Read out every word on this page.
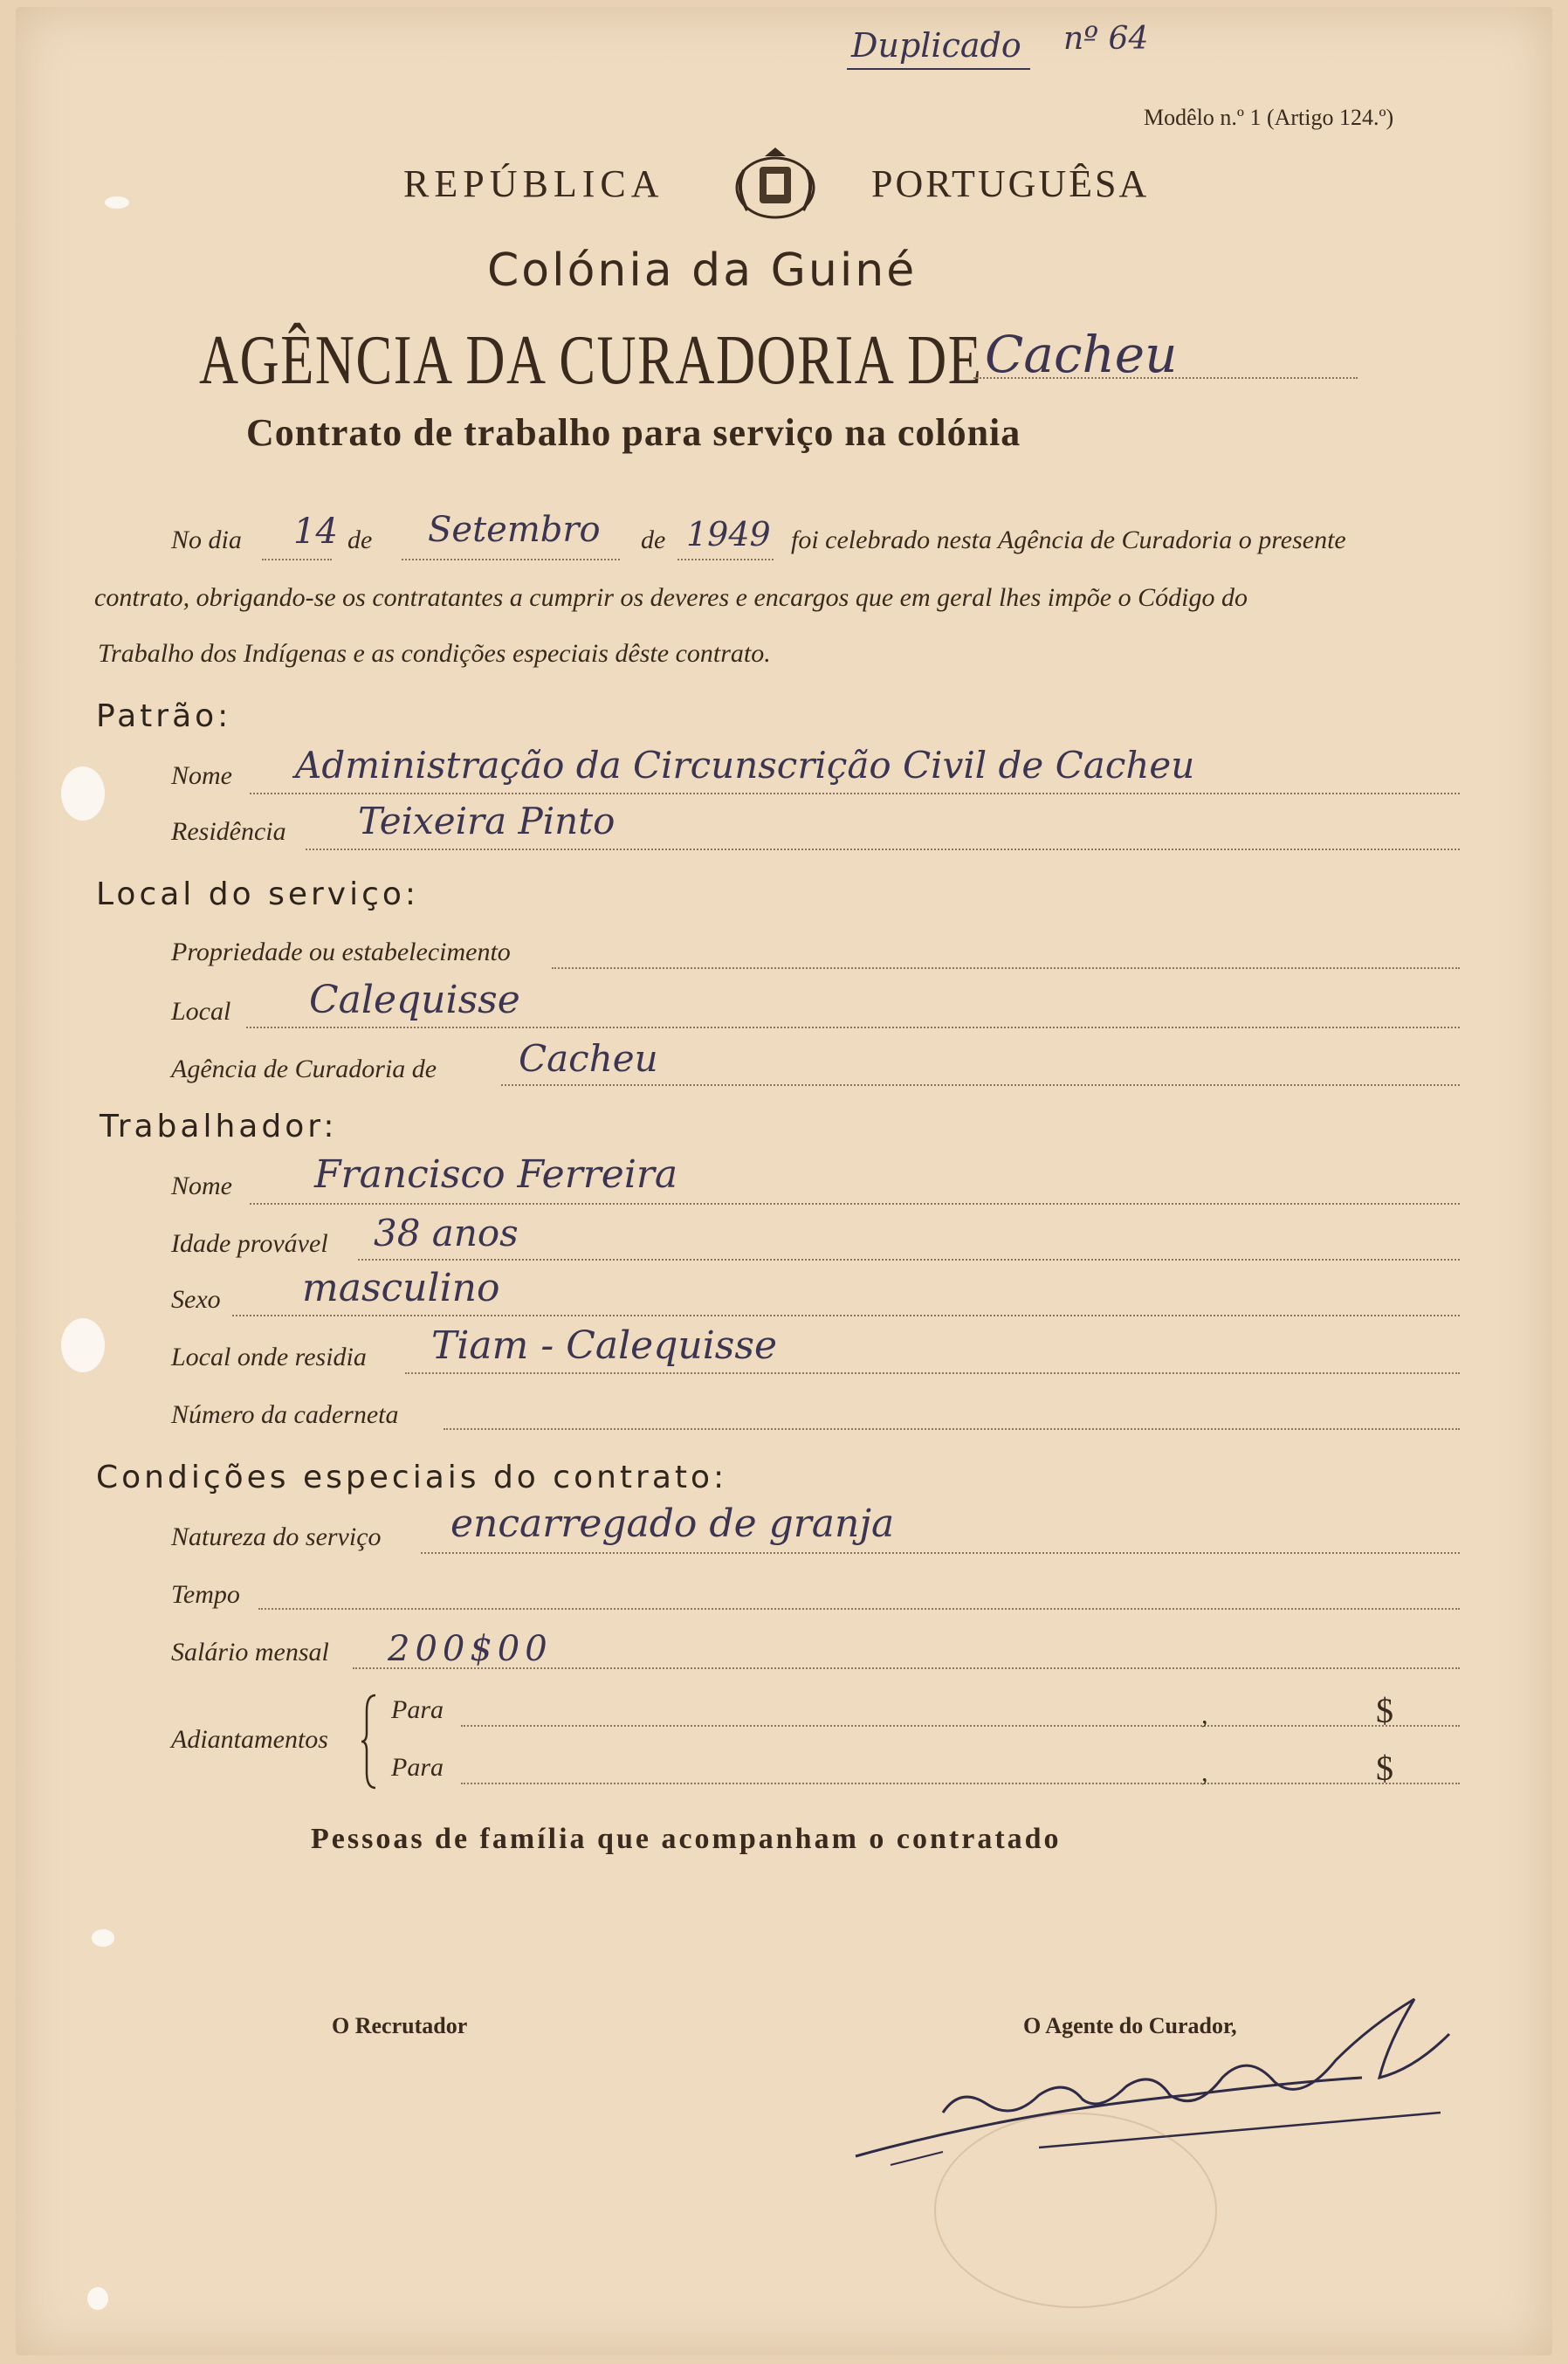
Duplicado nº 64
Modêlo n.º 1 (Artigo 124.º)
REPÚBLICA	PORTUGUÊSA
Colónia da Guiné
AGÊNCIA DA CURADORIA DE Cacheu
Contrato de trabalho para serviço na colónia
No dia 14 de Setembro de 1949 foi celebrado nesta Agência de Curadoria o presente
contrato, obrigando-se os contratantes a cumprir os deveres e encargos que em geral lhes impõe o Código do
Trabalho dos Indígenas e as condições especiais dêste contrato.
Patrão:
Nome Administração da Circunscrição Civil de Cacheu
Residência Teixeira Pinto
Local do serviço:
Propriedade ou estabelecimento
Local Calequisse
Agência de Curadoria de Cacheu
Trabalhador:
Nome Francisco Ferreira
Idade provável 38 anos
Sexo masculino
Local onde residia Tiam - Calequisse
Número da caderneta
Condições especiais do contrato:
Natureza do serviço encarregado de granja
Tempo
Salário mensal 200$00
Adiantamentos
Para	,	$
Para	,	$
Pessoas de família que acompanham o contratado
O Recrutador	O Agente do Curador,
